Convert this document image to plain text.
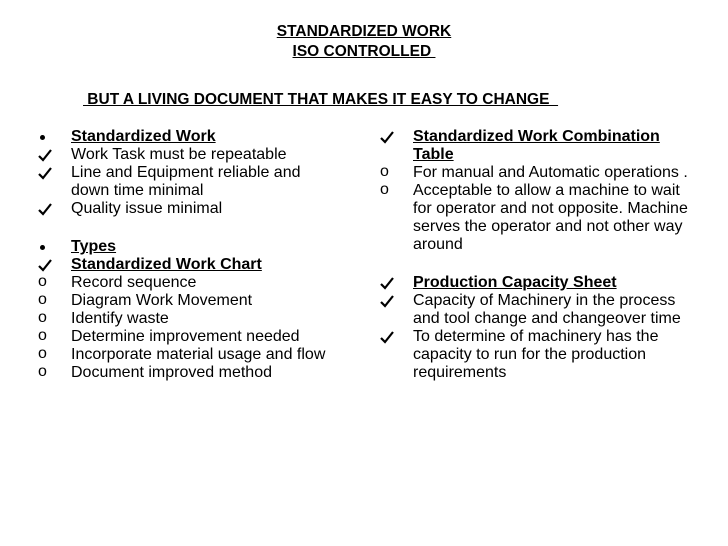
STANDARDIZED WORK
ISO CONTROLLED
BUT A LIVING DOCUMENT THAT MAKES IT EASY TO CHANGE
Standardized Work
Work Task must be repeatable
Line and Equipment reliable and down time minimal
Quality issue minimal
Types
Standardized Work Chart
o
Record sequence
o
Diagram Work Movement
o
Identify waste
o
Determine improvement needed
o
Incorporate material usage and flow
o
Document improved method
Standardized Work Combination Table
o
For manual and Automatic operations .
o
Acceptable to allow a machine to wait for operator and not opposite. Machine serves the operator and not other way around
Production Capacity Sheet
Capacity of Machinery in the process and tool change and changeover time
To determine of machinery has the capacity to run for the production requirements
